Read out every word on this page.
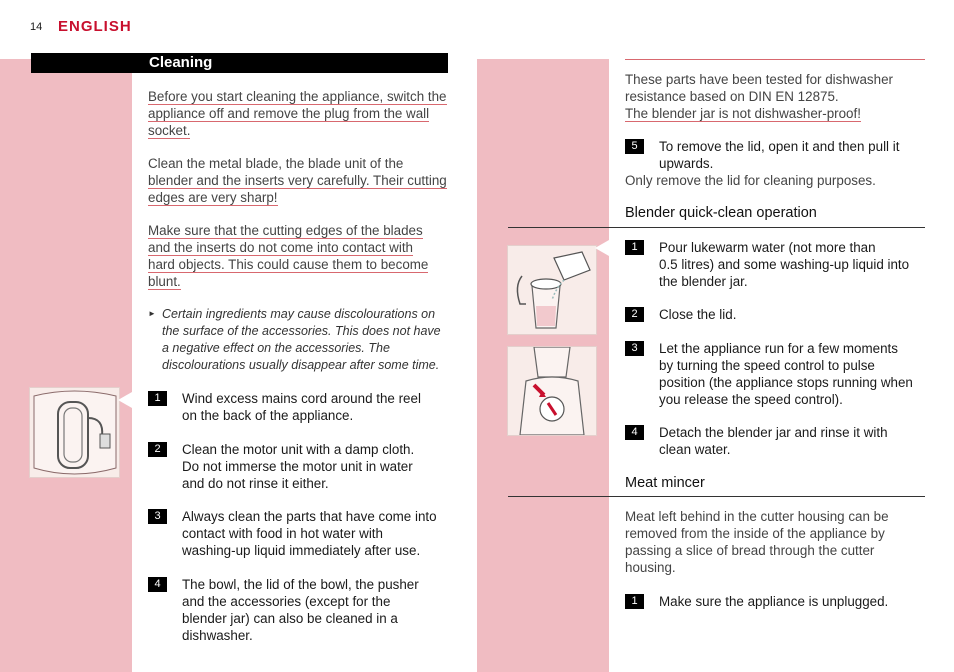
14 ENGLISH
Cleaning
Before you start cleaning the appliance, switch the
appliance off and remove the plug from the wall
socket.
Clean the metal blade, the blade unit of the
blender and the inserts very carefully. Their cutting
edges are very sharp!
Make sure that the cutting edges of the blades
and the inserts do not come into contact with
hard objects. This could cause them to become
blunt.
► Certain ingredients may cause discolourations on
the surface of the accessories. This does not have
a negative effect on the accessories. The
discolourations usually disappear after some time.
1	Wind excess mains cord around the reel
on the back of the appliance.
2	Clean the motor unit with a damp cloth.
Do not immerse the motor unit in water
and do not rinse it either.
3	Always clean the parts that have come into
contact with food in hot water with
washing-up liquid immediately after use.
4	The bowl, the lid of the bowl, the pusher
and the accessories (except for the
blender jar) can also be cleaned in a
dishwasher.
These parts have been tested for dishwasher
resistance based on DIN EN 12875.
The blender jar is not dishwasher-proof!
5	To remove the lid, open it and then pull it
upwards.
Only remove the lid for cleaning purposes.
Blender quick-clean operation
1	Pour lukewarm water (not more than
0.5 litres) and some washing-up liquid into
the blender jar.
2	Close the lid.
3	Let the appliance run for a few moments
by turning the speed control to pulse
position (the appliance stops running when
you release the speed control).
4	Detach the blender jar and rinse it with
clean water.
Meat mincer
Meat left behind in the cutter housing can be
removed from the inside of the appliance by
passing a slice of bread through the cutter
housing.
1	Make sure the appliance is unplugged.
